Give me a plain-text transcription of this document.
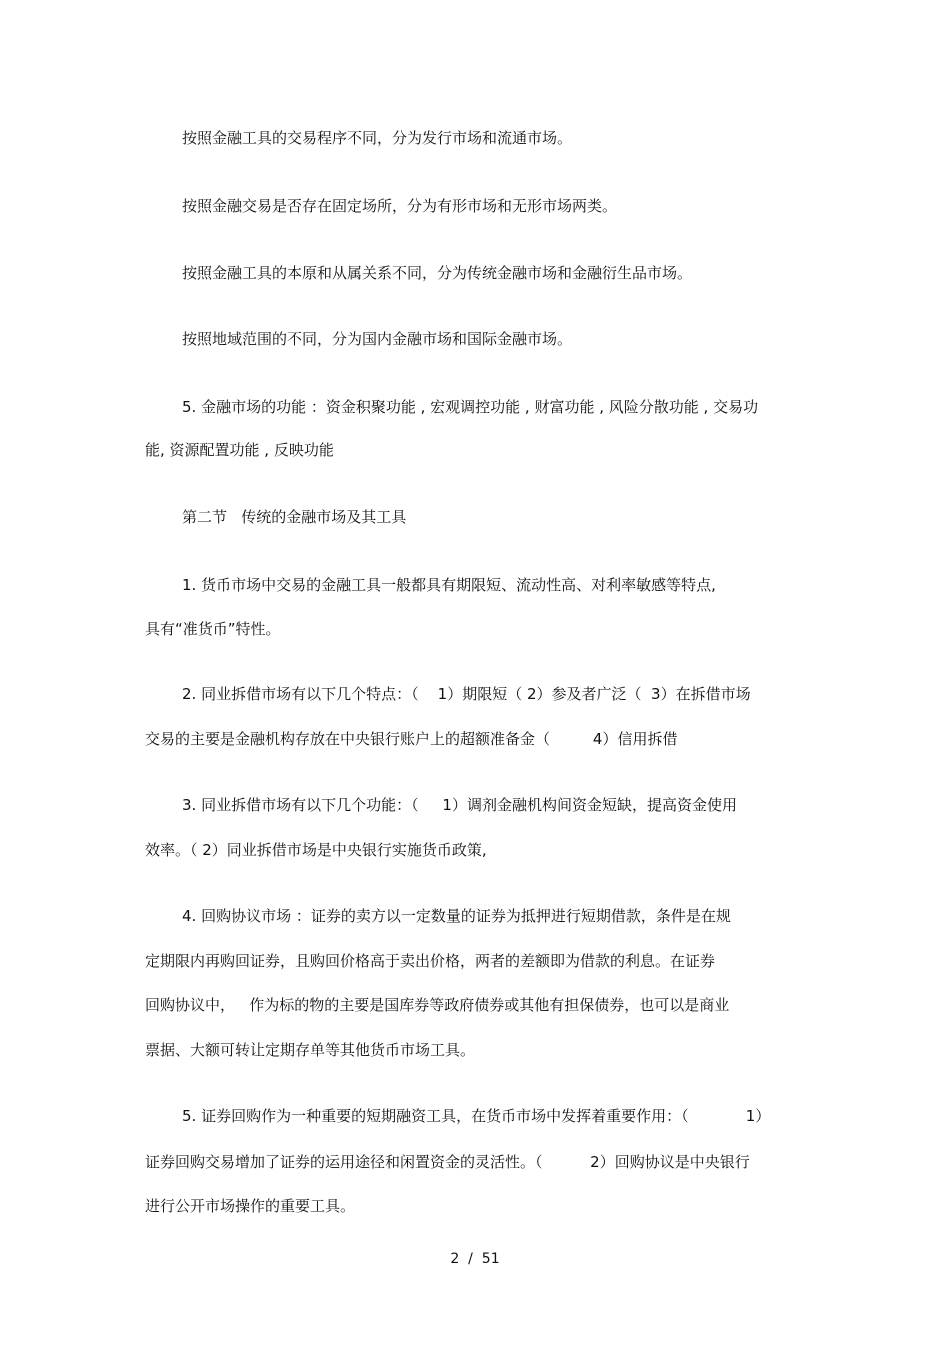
按照金融工具的交易程序不同，分为发行市场和流通市场。
按照金融交易是否存在固定场所，分为有形市场和无形市场两类。
按照金融工具的本原和从属关系不同，分为传统金融市场和金融衍生品市场。
按照地域范围的不同，分为国内金融市场和国际金融市场。
5. 金融市场的功能 ：资金积聚功能 , 宏观调控功能 , 财富功能 , 风险分散功能 , 交易功
能, 资源配置功能 , 反映功能
第二节   传统的金融市场及其工具
1. 货币市场中交易的金融工具一般都具有期限短、流动性高、对利率敏感等特点,
具有“准货币”特性。
2. 同业拆借市场有以下几个特点：（    1）期限短（ 2）参及者广泛（  3）在拆借市场
交易的主要是金融机构存放在中央银行账户上的超额准备金（         4）信用拆借
3. 同业拆借市场有以下几个功能：（     1）调剂金融机构间资金短缺，提高资金使用
效率。（ 2）同业拆借市场是中央银行实施货币政策,
4. 回购协议市场 ：证券的卖方以一定数量的证券为抵押进行短期借款，条件是在规
定期限内再购回证券，且购回价格高于卖出价格，两者的差额即为借款的利息。在证券
回购协议中，   作为标的物的主要是国库券等政府债券或其他有担保债券，也可以是商业
票据、大额可转让定期存单等其他货币市场工具。
5. 证券回购作为一种重要的短期融资工具，在货币市场中发挥着重要作用：（            1）
证券回购交易增加了证券的运用途径和闲置资金的灵活性。（          2）回购协议是中央银行
进行公开市场操作的重要工具。
2  /  51
